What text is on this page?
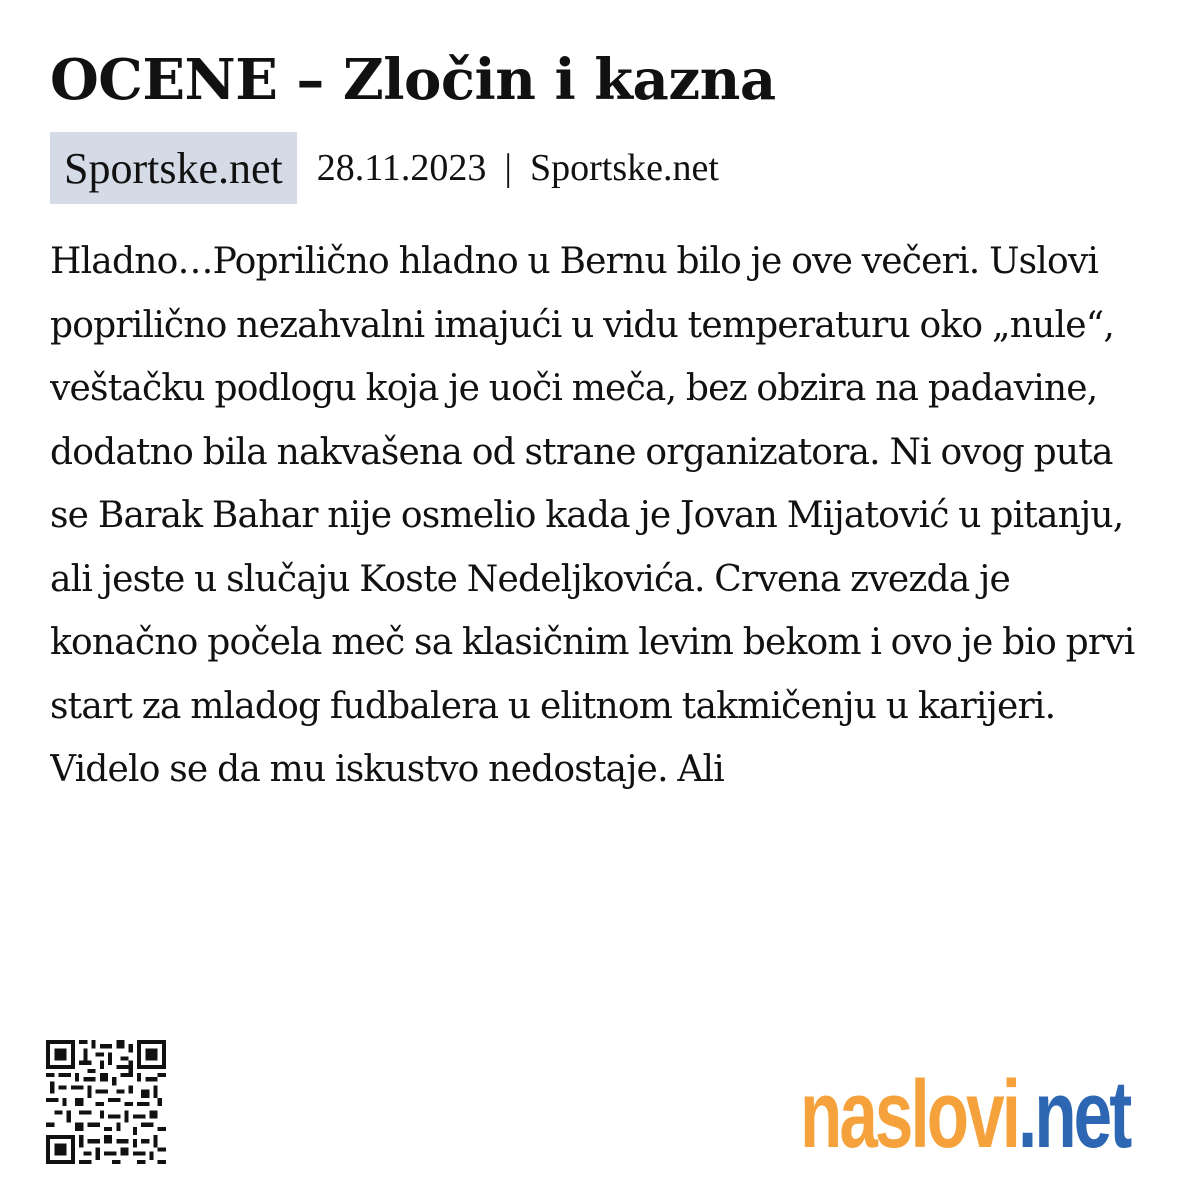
OCENE – Zločin i kazna
Sportske.net 28.11.2023 | Sportske.net

Hladno…Poprilično hladno u Bernu bilo je ove večeri. Uslovi poprilično nezahvalni imajući u vidu temperaturu oko „nule“, veštačku podlogu koja je uoči meča, bez obzira na padavine, dodatno bila nakvašena od strane organizatora. Ni ovog puta se Barak Bahar nije osmelio kada je Jovan Mijatović u pitanju, ali jeste u slučaju Koste Nedeljkovića. Crvena zvezda je konačno počela meč sa klasičnim levim bekom i ovo je bio prvi start za mladog fudbalera u elitnom takmičenju u karijeri. Videlo se da mu iskustvo nedostaje. Ali

naslovi.net
